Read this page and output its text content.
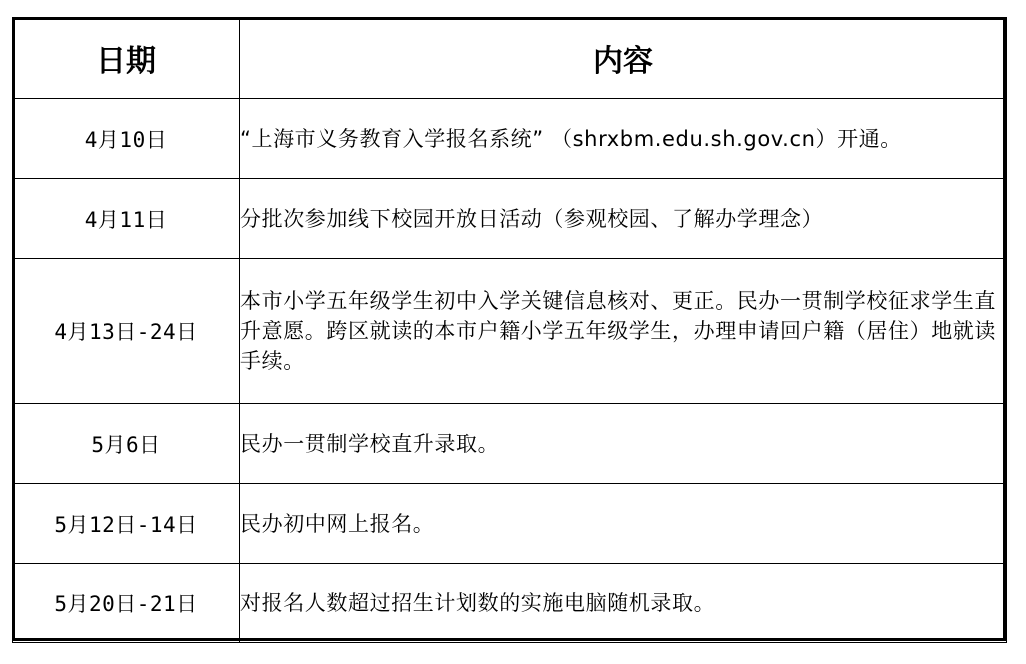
日期	内容
4月10日	“上海市义务教育入学报名系统” （shrxbm.edu.sh.gov.cn）开通。
4月11日	分批次参加线下校园开放日活动（参观校园、了解办学理念）
4月13日-24日	本市小学五年级学生初中入学关键信息核对、更正。民办一贯制学校征求学生直升意愿。跨区就读的本市户籍小学五年级学生，办理申请回户籍（居住）地就读手续。
5月6日	民办一贯制学校直升录取。
5月12日-14日	民办初中网上报名。
5月20日-21日	对报名人数超过招生计划数的实施电脑随机录取。
